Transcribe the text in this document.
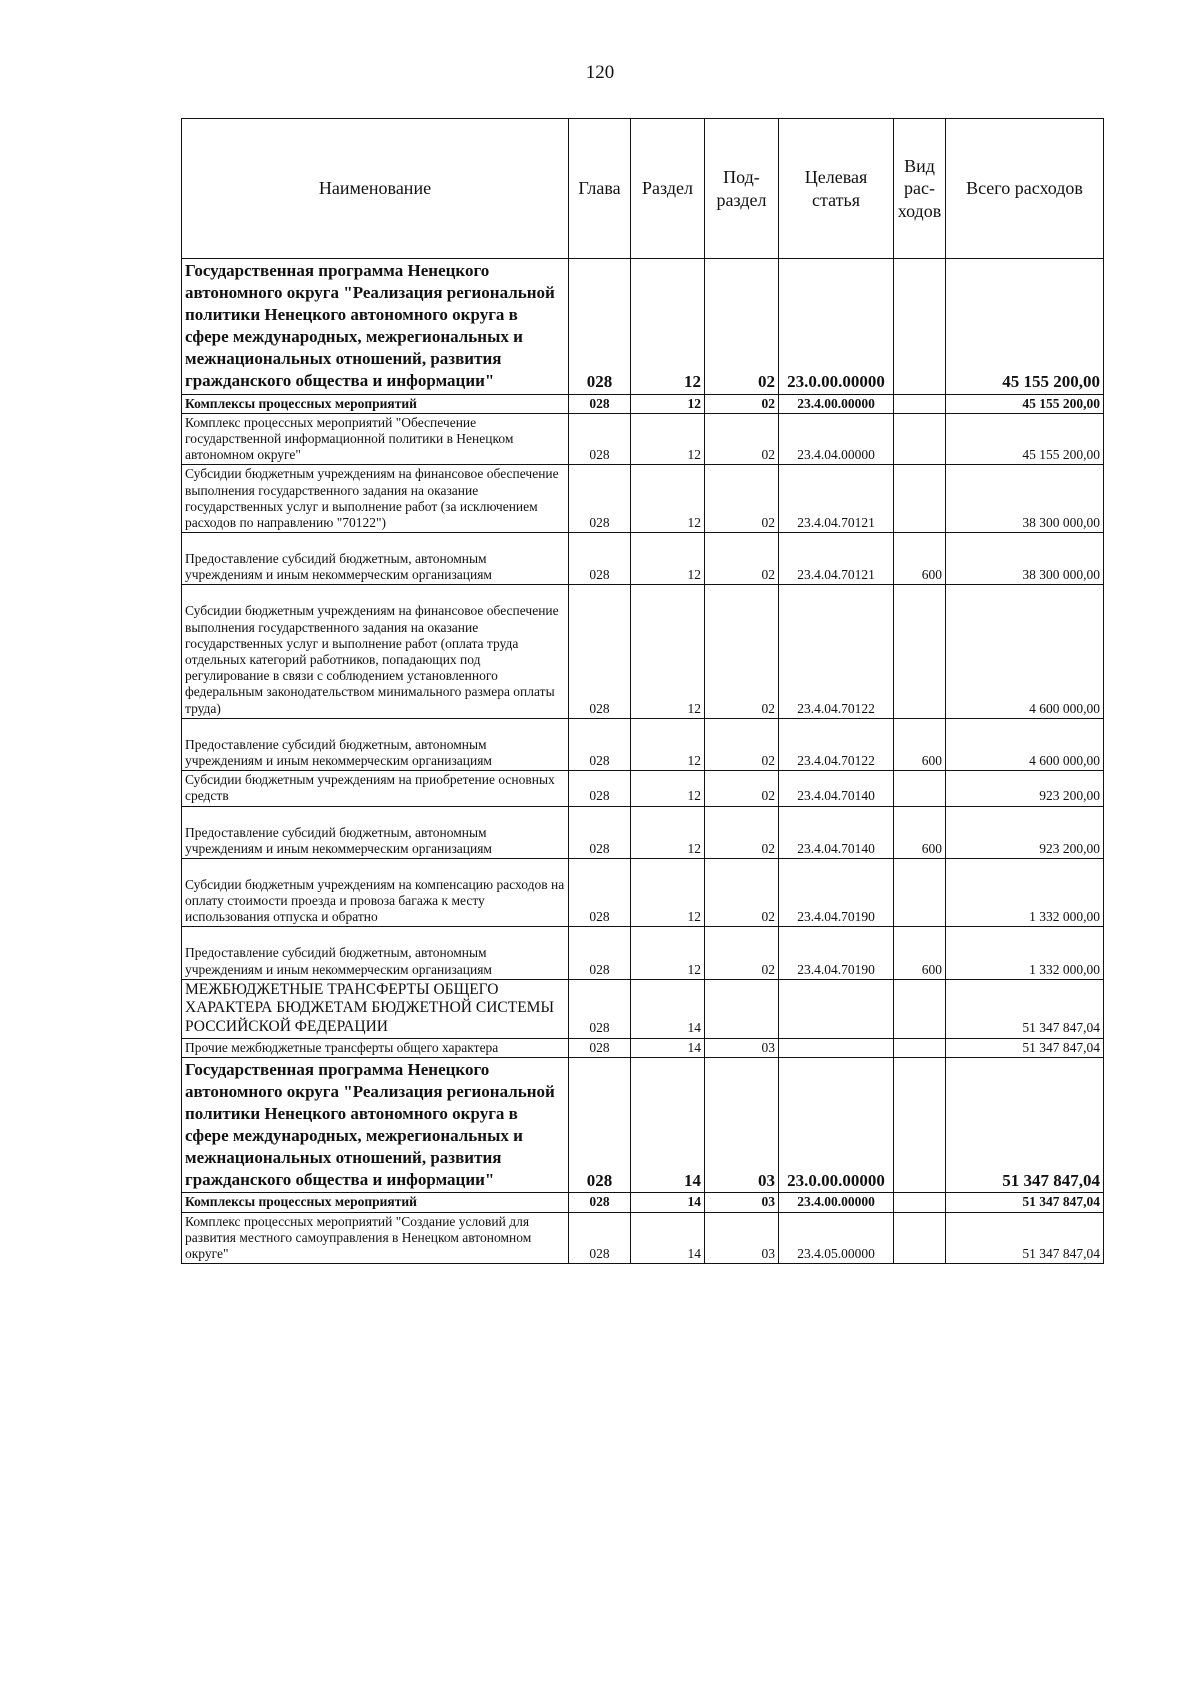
120
Наименование	Глава	Раздел	Под-раздел	Целевая статья	Вид рас-ходов	Всего расходов
Государственная программа Ненецкого автономного округа "Реализация региональной политики Ненецкого автономного округа в сфере международных, межрегиональных и межнациональных отношений, развития гражданского общества и информации"	028	12	02	23.0.00.00000		45 155 200,00
Комплексы процессных мероприятий	028	12	02	23.4.00.00000		45 155 200,00
Комплекс процессных мероприятий "Обеспечение государственной информационной политики в Ненецком автономном округе"	028	12	02	23.4.04.00000		45 155 200,00
Субсидии бюджетным учреждениям на финансовое обеспечение выполнения государственного задания на оказание государственных услуг и выполнение работ (за исключением расходов по направлению "70122")	028	12	02	23.4.04.70121		38 300 000,00
Предоставление субсидий бюджетным, автономным учреждениям и иным некоммерческим организациям	028	12	02	23.4.04.70121	600	38 300 000,00
Субсидии бюджетным учреждениям на финансовое обеспечение выполнения государственного задания на оказание государственных услуг и выполнение работ (оплата труда отдельных категорий работников, попадающих под регулирование в связи с соблюдением установленного федеральным законодательством минимального размера оплаты труда)	028	12	02	23.4.04.70122		4 600 000,00
Предоставление субсидий бюджетным, автономным учреждениям и иным некоммерческим организациям	028	12	02	23.4.04.70122	600	4 600 000,00
Субсидии бюджетным учреждениям на приобретение основных средств	028	12	02	23.4.04.70140		923 200,00
Предоставление субсидий бюджетным, автономным учреждениям и иным некоммерческим организациям	028	12	02	23.4.04.70140	600	923 200,00
Субсидии бюджетным учреждениям на компенсацию расходов на оплату стоимости проезда и провоза багажа к месту использования отпуска и обратно	028	12	02	23.4.04.70190		1 332 000,00
Предоставление субсидий бюджетным, автономным учреждениям и иным некоммерческим организациям	028	12	02	23.4.04.70190	600	1 332 000,00
МЕЖБЮДЖЕТНЫЕ ТРАНСФЕРТЫ ОБЩЕГО ХАРАКТЕРА БЮДЖЕТАМ БЮДЖЕТНОЙ СИСТЕМЫ РОССИЙСКОЙ ФЕДЕРАЦИИ	028	14				51 347 847,04
Прочие межбюджетные трансферты общего характера	028	14	03			51 347 847,04
Государственная программа Ненецкого автономного округа "Реализация региональной политики Ненецкого автономного округа в сфере международных, межрегиональных и межнациональных отношений, развития гражданского общества и информации"	028	14	03	23.0.00.00000		51 347 847,04
Комплексы процессных мероприятий	028	14	03	23.4.00.00000		51 347 847,04
Комплекс процессных мероприятий "Создание условий для развития местного самоуправления в Ненецком автономном округе"	028	14	03	23.4.05.00000		51 347 847,04
